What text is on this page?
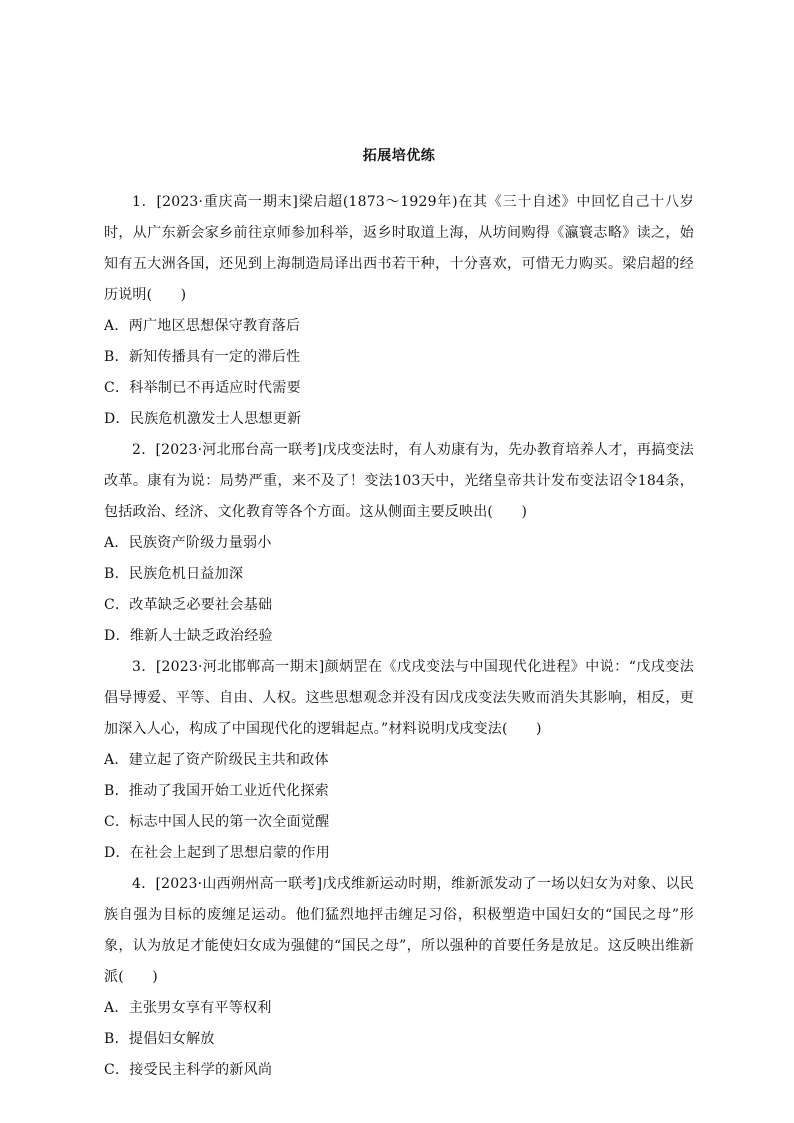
拓展培优练

1．[2023·重庆高一期末]梁启超(1873～1929年)在其《三十自述》中回忆自己十八岁时，从广东新会家乡前往京师参加科举，返乡时取道上海，从坊间购得《瀛寰志略》读之，始知有五大洲各国，还见到上海制造局译出西书若干种，十分喜欢，可惜无力购买。梁启超的经历说明(　　)

A．两广地区思想保守教育落后

B．新知传播具有一定的滞后性

C．科举制已不再适应时代需要

D．民族危机激发士人思想更新

2．[2023·河北邢台高一联考]戊戌变法时，有人劝康有为，先办教育培养人才，再搞变法改革。康有为说：局势严重，来不及了！变法103天中，光绪皇帝共计发布变法诏令184条，包括政治、经济、文化教育等各个方面。这从侧面主要反映出(　　)

A．民族资产阶级力量弱小

B．民族危机日益加深

C．改革缺乏必要社会基础

D．维新人士缺乏政治经验

3．[2023·河北邯郸高一期末]颜炳罡在《戊戌变法与中国现代化进程》中说：“戊戌变法倡导博爱、平等、自由、人权。这些思想观念并没有因戊戌变法失败而消失其影响，相反，更加深入人心，构成了中国现代化的逻辑起点。”材料说明戊戌变法(　　)

A．建立起了资产阶级民主共和政体

B．推动了我国开始工业近代化探索

C．标志中国人民的第一次全面觉醒

D．在社会上起到了思想启蒙的作用

4．[2023·山西朔州高一联考]戊戌维新运动时期，维新派发动了一场以妇女为对象、以民族自强为目标的废缠足运动。他们猛烈地抨击缠足习俗，积极塑造中国妇女的“国民之母”形象，认为放足才能使妇女成为强健的“国民之母”，所以强种的首要任务是放足。这反映出维新派(　　)

A．主张男女享有平等权利

B．提倡妇女解放

C．接受民主科学的新风尚
